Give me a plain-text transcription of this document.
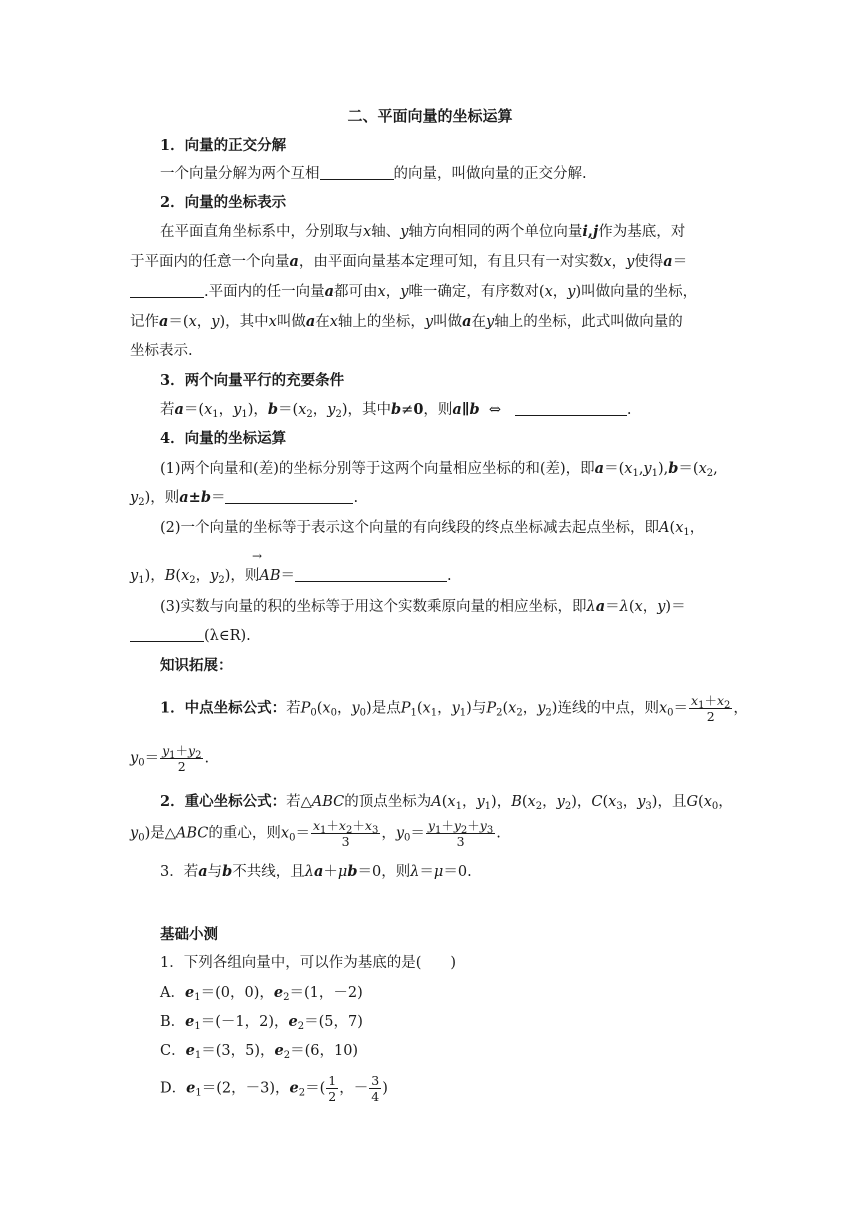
二、平面向量的坐标运算
1．向量的正交分解
一个向量分解为两个互相	的向量，叫做向量的正交分解.
2．向量的坐标表示
在平面直角坐标系中，分别取与x轴、y轴方向相同的两个单位向量i,j作为基底，对
于平面内的任意一个向量a，由平面向量基本定理可知，有且只有一对实数x，y使得a＝
.平面内的任一向量a都可由x，y唯一确定，有序数对(x，y)叫做向量的坐标，
记作a＝(x，y)，其中x叫做a在x轴上的坐标，y叫做a在y轴上的坐标，此式叫做向量的
坐标表示.
3．两个向量平行的充要条件
若$a=(x_1$，$y_1$)，$b=(x_2$，$y_2$)，其中b≠0，则a∥b ⇔	.
4．向量的坐标运算
(1)两个向量和(差)的坐标分别等于这两个向量相应坐标的和(差)，即$a=(x_1,y_1),b=(x_2$,
$y_2$)，则a±b＝	.
(2)一个向量的坐标等于表示这个向量的有向线段的终点坐标减去起点坐标，即$A(x_1$，
→
$y_1$)，$B(x_2$，$y_2$)，则AB＝	.
(3)实数与向量的积的坐标等于用这个实数乘原向量的相应坐标，即λa＝λ(x，y)＝
(λ∈R).
知识拓展：
1．中点坐标公式：若$P_0(x_0$，$y_0$)是点$P_1(x_1$，$y_1$)与$P_2(x_2$，$y_2$)连线的中点，则$x_0= \frac{x_1+x_2}{2}$ ，
$y_0= \frac{y_1+y_2}{2}$ .
2．重心坐标公式：若△ABC的顶点坐标为$A(x_1$，$y_1$)，$B(x_2$，$y_2$)，$C(x_3$，$y_3$)，且$G(x_0$，
$y_0$)是△ABC的重心，则$x_0= \frac{x_1+x_2+x_3}{3}$ ，$y_0= \frac{y_1+y_2+y_3}{3}$ .
3．若a与b不共线，且λa＋μb＝0，则λ＝μ＝0.
基础小测
1．下列各组向量中，可以作为基底的是(　　)
A．$e_1=(0$，0)，$e_2=(1$，－2)
B．$e_1=(-1$，2)，$e_2=(5$，7)
C．$e_1=(3$，5)，$e_2=(6$，10)
D．$e_1=(2$，－3)，$e_2=( \frac{1}{2}$ ，－ $\frac{3}{4}$ )
